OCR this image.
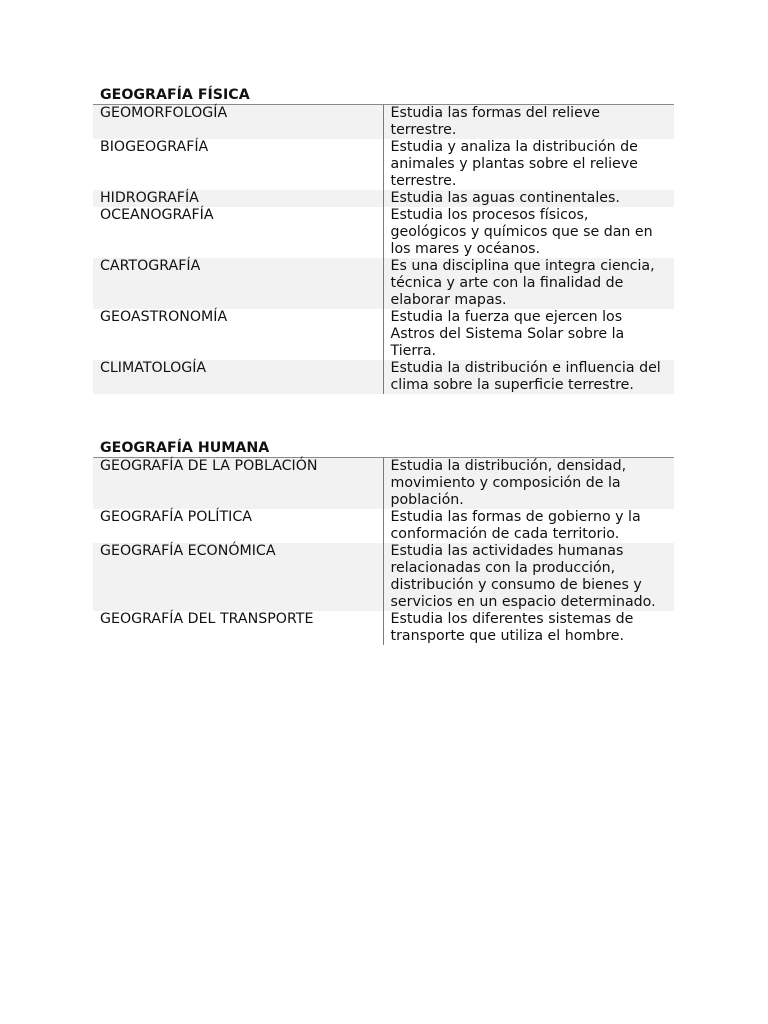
GEOGRAFÍA FÍSICA	
GEOMORFOLOGÍA	Estudia las formas del relieve terrestre.
BIOGEOGRAFÍA	Estudia y analiza la distribución de animales y plantas sobre el relieve terrestre.
HIDROGRAFÍA	Estudia las aguas continentales.
OCEANOGRAFÍA	Estudia los procesos físicos, geológicos y químicos que se dan en los mares y océanos.
CARTOGRAFÍA	Es una disciplina que integra ciencia, técnica y arte con la finalidad de elaborar mapas.
GEOASTRONOMÍA	Estudia la fuerza que ejercen los Astros del Sistema Solar sobre la Tierra.
CLIMATOLOGÍA	Estudia la distribución e influencia del clima sobre la superficie terrestre.
GEOGRAFÍA HUMANA	
GEOGRAFÍA DE LA POBLACIÓN	Estudia la distribución, densidad, movimiento y composición de la población.
GEOGRAFÍA POLÍTICA	Estudia las formas de gobierno y la conformación de cada territorio.
GEOGRAFÍA ECONÓMICA	Estudia las actividades humanas relacionadas con la producción, distribución y consumo de bienes y servicios en un espacio determinado.
GEOGRAFÍA DEL TRANSPORTE	Estudia los diferentes sistemas de transporte que utiliza el hombre.
